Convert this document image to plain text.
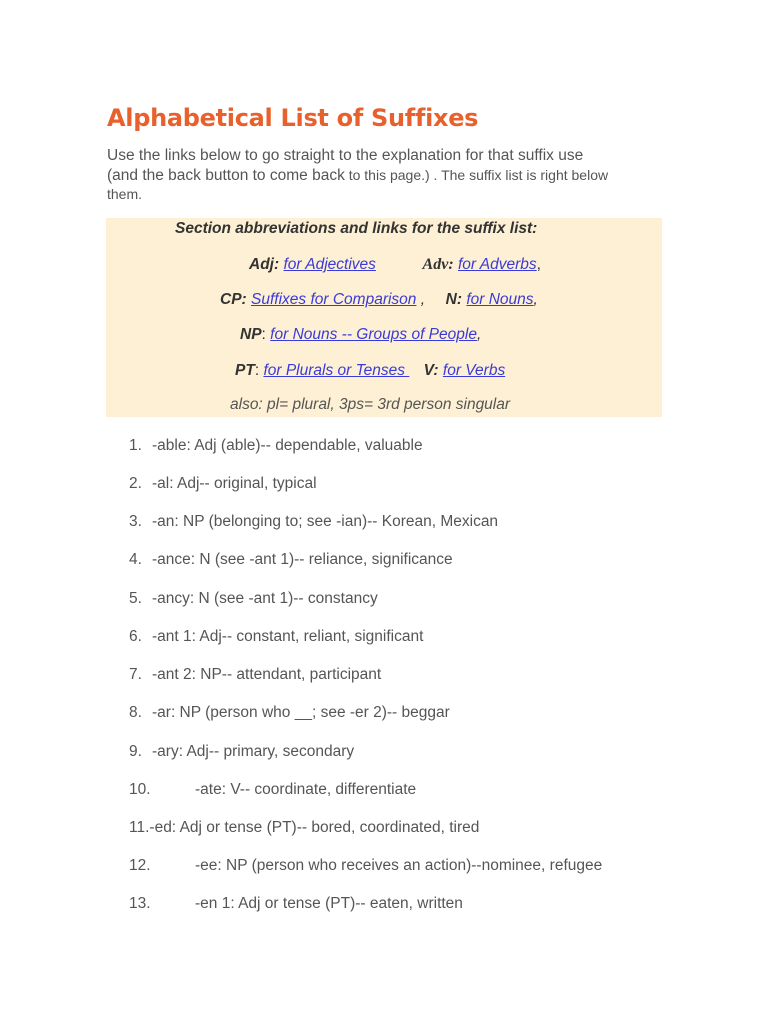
Alphabetical List of Suffixes
Use the links below to go straight to the explanation for that suffix use
(and the back button to come back to this page.) . The suffix list is right below
them.
Section abbreviations and links for the suffix list:
Adj: for Adjectives	Adv: for Adverbs,
CP: Suffixes for Comparison , N: for Nouns,
NP: for Nouns -- Groups of People,
PT: for Plurals or Tenses  V: for Verbs
also: pl= plural, 3ps= 3rd person singular
1. -able: Adj (able)-- dependable, valuable
2. -al: Adj-- original, typical
3. -an: NP (belonging to; see -ian)-- Korean, Mexican
4. -ance: N (see -ant 1)-- reliance, significance
5. -ancy: N (see -ant 1)-- constancy
6. -ant 1: Adj-- constant, reliant, significant
7. -ant 2: NP-- attendant, participant
8. -ar: NP (person who __; see -er 2)-- beggar
9. -ary: Adj-- primary, secondary
10.	-ate: V-- coordinate, differentiate
11.-ed: Adj or tense (PT)-- bored, coordinated, tired
12.	-ee: NP (person who receives an action)--nominee, refugee
13.	-en 1: Adj or tense (PT)-- eaten, written
